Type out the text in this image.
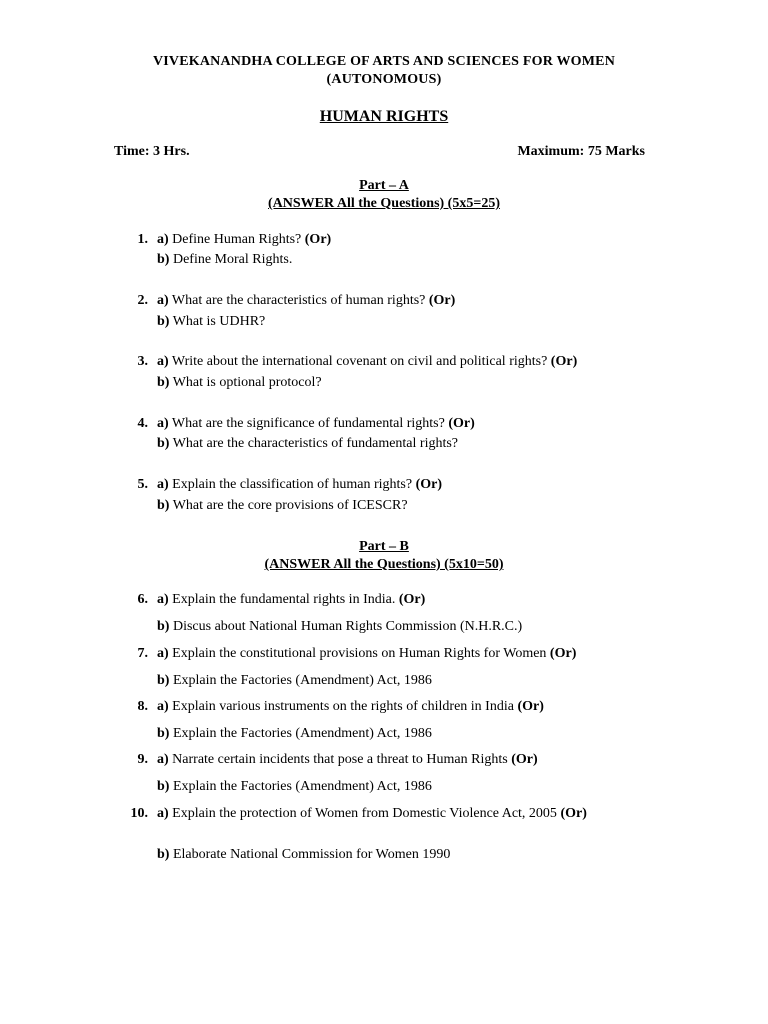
VIVEKANANDHA COLLEGE OF ARTS AND SCIENCES FOR WOMEN
(AUTONOMOUS)
HUMAN RIGHTS
Time: 3 Hrs.	Maximum: 75 Marks
Part – A
(ANSWER All the Questions) (5x5=25)
1. a) Define Human Rights? (Or)
b) Define Moral Rights.
2. a) What are the characteristics of human rights? (Or)
b) What is UDHR?
3. a) Write about the international covenant on civil and political rights? (Or)
b) What is optional protocol?
4. a) What are the significance of fundamental rights? (Or)
b) What are the characteristics of fundamental rights?
5. a) Explain the classification of human rights? (Or)
b) What are the core provisions of ICESCR?
Part – B
(ANSWER All the Questions) (5x10=50)
6. a) Explain the fundamental rights in India. (Or)
b) Discus about National Human Rights Commission (N.H.R.C.)
7. a) Explain the constitutional provisions on Human Rights for Women (Or)
b) Explain the Factories (Amendment) Act, 1986
8. a) Explain various instruments on the rights of children in India (Or)
b) Explain the Factories (Amendment) Act, 1986
9. a) Narrate certain incidents that pose a threat to Human Rights (Or)
b) Explain the Factories (Amendment) Act, 1986
10. a) Explain the protection of Women from Domestic Violence Act, 2005 (Or)
b) Elaborate National Commission for Women 1990
